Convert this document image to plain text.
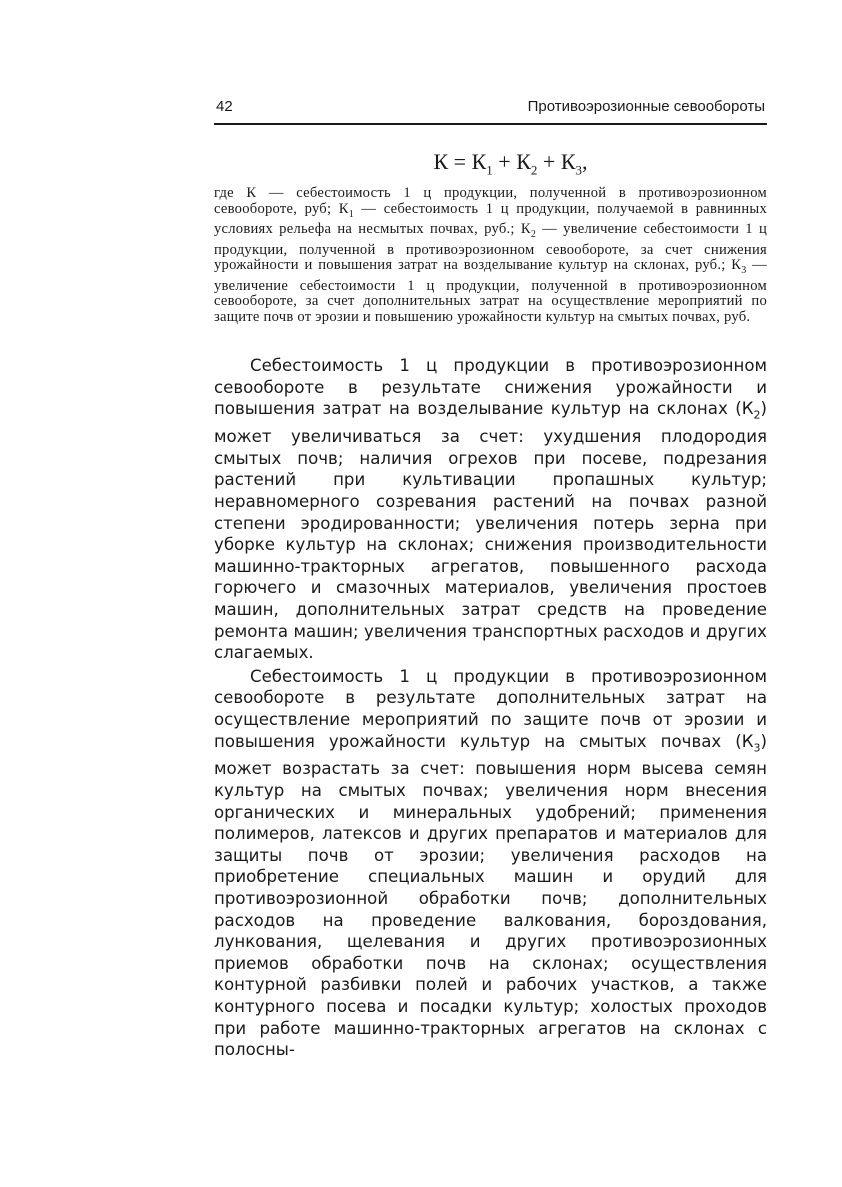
42	Противоэрозионные севообороты
$К = К_1 + К_2 + К_3$,

где К — себестоимость 1 ц продукции, полученной в противоэрозионном севообороте, руб; $К_1$ — себестоимость 1 ц продукции, получаемой в равнинных условиях рельефа на несмытых почвах, руб.; $К_2$ — увеличение себестоимости 1 ц продукции, полученной в противоэрозионном севообороте, за счет снижения урожайности и повышения затрат на возделывание культур на склонах, руб.; $К_3$ — увеличение себестоимости 1 ц продукции, полученной в противоэрозионном севообороте, за счет дополнительных затрат на осуществление мероприятий по защите почв от эрозии и повышению урожайности культур на смытых почвах, руб.

Себестоимость 1 ц продукции в противоэрозионном севообороте в результате снижения урожайности и повышения затрат на возделывание культур на склонах $(К_2)$ может увеличиваться за счет: ухудшения плодородия смытых почв; наличия огрехов при посеве, подрезания растений при культивации пропашных культур; неравномерного созревания растений на почвах разной степени эродированности; увеличения потерь зерна при уборке культур на склонах; снижения производительности машинно-тракторных агрегатов, повышенного расхода горючего и смазочных материалов, увеличения простоев машин, дополнительных затрат средств на проведение ремонта машин; увеличения транспортных расходов и других слагаемых.

Себестоимость 1 ц продукции в противоэрозионном севообороте в результате дополнительных затрат на осуществление мероприятий по защите почв от эрозии и повышения урожайности культур на смытых почвах $(К_3)$ может возрастать за счет: повышения норм высева семян культур на смытых почвах; увеличения норм внесения органических и минеральных удобрений; применения полимеров, латексов и других препаратов и материалов для защиты почв от эрозии; увеличения расходов на приобретение специальных машин и орудий для противоэрозионной обработки почв; дополнительных расходов на проведение валкования, бороздования, лункования, щелевания и других противоэрозионных приемов обработки почв на склонах; осуществления контурной разбивки полей и рабочих участков, а также контурного посева и посадки культур; холостых проходов при работе машинно-тракторных агрегатов на склонах с полосны-
